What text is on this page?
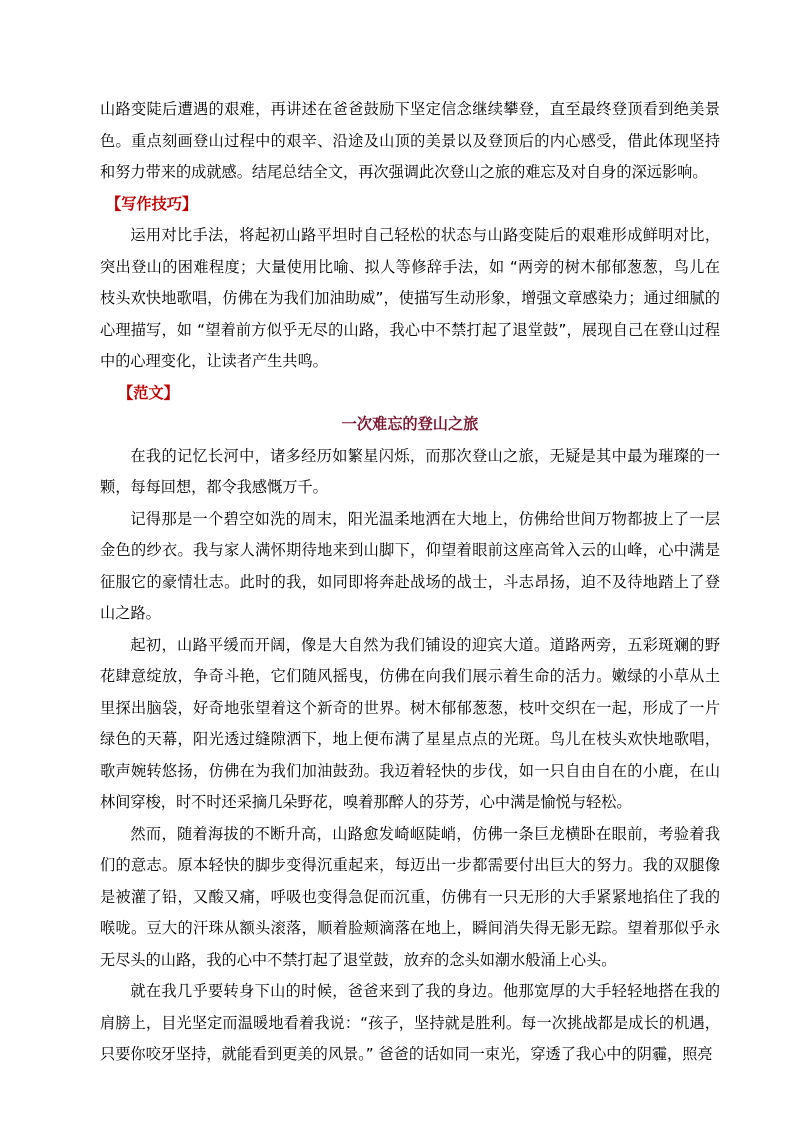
山路变陡后遭遇的艰难，再讲述在爸爸鼓励下坚定信念继续攀登，直至最终登顶看到绝美景色。重点刻画登山过程中的艰辛、沿途及山顶的美景以及登顶后的内心感受，借此体现坚持和努力带来的成就感。结尾总结全文，再次强调此次登山之旅的难忘及对自身的深远影响。

【写作技巧】

运用对比手法，将起初山路平坦时自己轻松的状态与山路变陡后的艰难形成鲜明对比，突出登山的困难程度；大量使用比喻、拟人等修辞手法，如 “两旁的树木郁郁葱葱，鸟儿在枝头欢快地歌唱，仿佛在为我们加油助威”，使描写生动形象，增强文章感染力；通过细腻的心理描写，如 “望着前方似乎无尽的山路，我心中不禁打起了退堂鼓”，展现自己在登山过程中的心理变化，让读者产生共鸣。

【范文】

一次难忘的登山之旅

在我的记忆长河中，诸多经历如繁星闪烁，而那次登山之旅，无疑是其中最为璀璨的一颗，每每回想，都令我感慨万千。

记得那是一个碧空如洗的周末，阳光温柔地洒在大地上，仿佛给世间万物都披上了一层金色的纱衣。我与家人满怀期待地来到山脚下，仰望着眼前这座高耸入云的山峰，心中满是征服它的豪情壮志。此时的我，如同即将奔赴战场的战士，斗志昂扬，迫不及待地踏上了登山之路。

起初，山路平缓而开阔，像是大自然为我们铺设的迎宾大道。道路两旁，五彩斑斓的野花肆意绽放，争奇斗艳，它们随风摇曳，仿佛在向我们展示着生命的活力。嫩绿的小草从土里探出脑袋，好奇地张望着这个新奇的世界。树木郁郁葱葱，枝叶交织在一起，形成了一片绿色的天幕，阳光透过缝隙洒下，地上便布满了星星点点的光斑。鸟儿在枝头欢快地歌唱，歌声婉转悠扬，仿佛在为我们加油鼓劲。我迈着轻快的步伐，如一只自由自在的小鹿，在山林间穿梭，时不时还采摘几朵野花，嗅着那醉人的芬芳，心中满是愉悦与轻松。

然而，随着海拔的不断升高，山路愈发崎岖陡峭，仿佛一条巨龙横卧在眼前，考验着我们的意志。原本轻快的脚步变得沉重起来，每迈出一步都需要付出巨大的努力。我的双腿像是被灌了铅，又酸又痛，呼吸也变得急促而沉重，仿佛有一只无形的大手紧紧地掐住了我的喉咙。豆大的汗珠从额头滚落，顺着脸颊滴落在地上，瞬间消失得无影无踪。望着那似乎永无尽头的山路，我的心中不禁打起了退堂鼓，放弃的念头如潮水般涌上心头。

就在我几乎要转身下山的时候，爸爸来到了我的身边。他那宽厚的大手轻轻地搭在我的肩膀上，目光坚定而温暖地看着我说：“孩子，坚持就是胜利。每一次挑战都是成长的机遇，只要你咬牙坚持，就能看到更美的风景。” 爸爸的话如同一束光，穿透了我心中的阴霾，照亮
